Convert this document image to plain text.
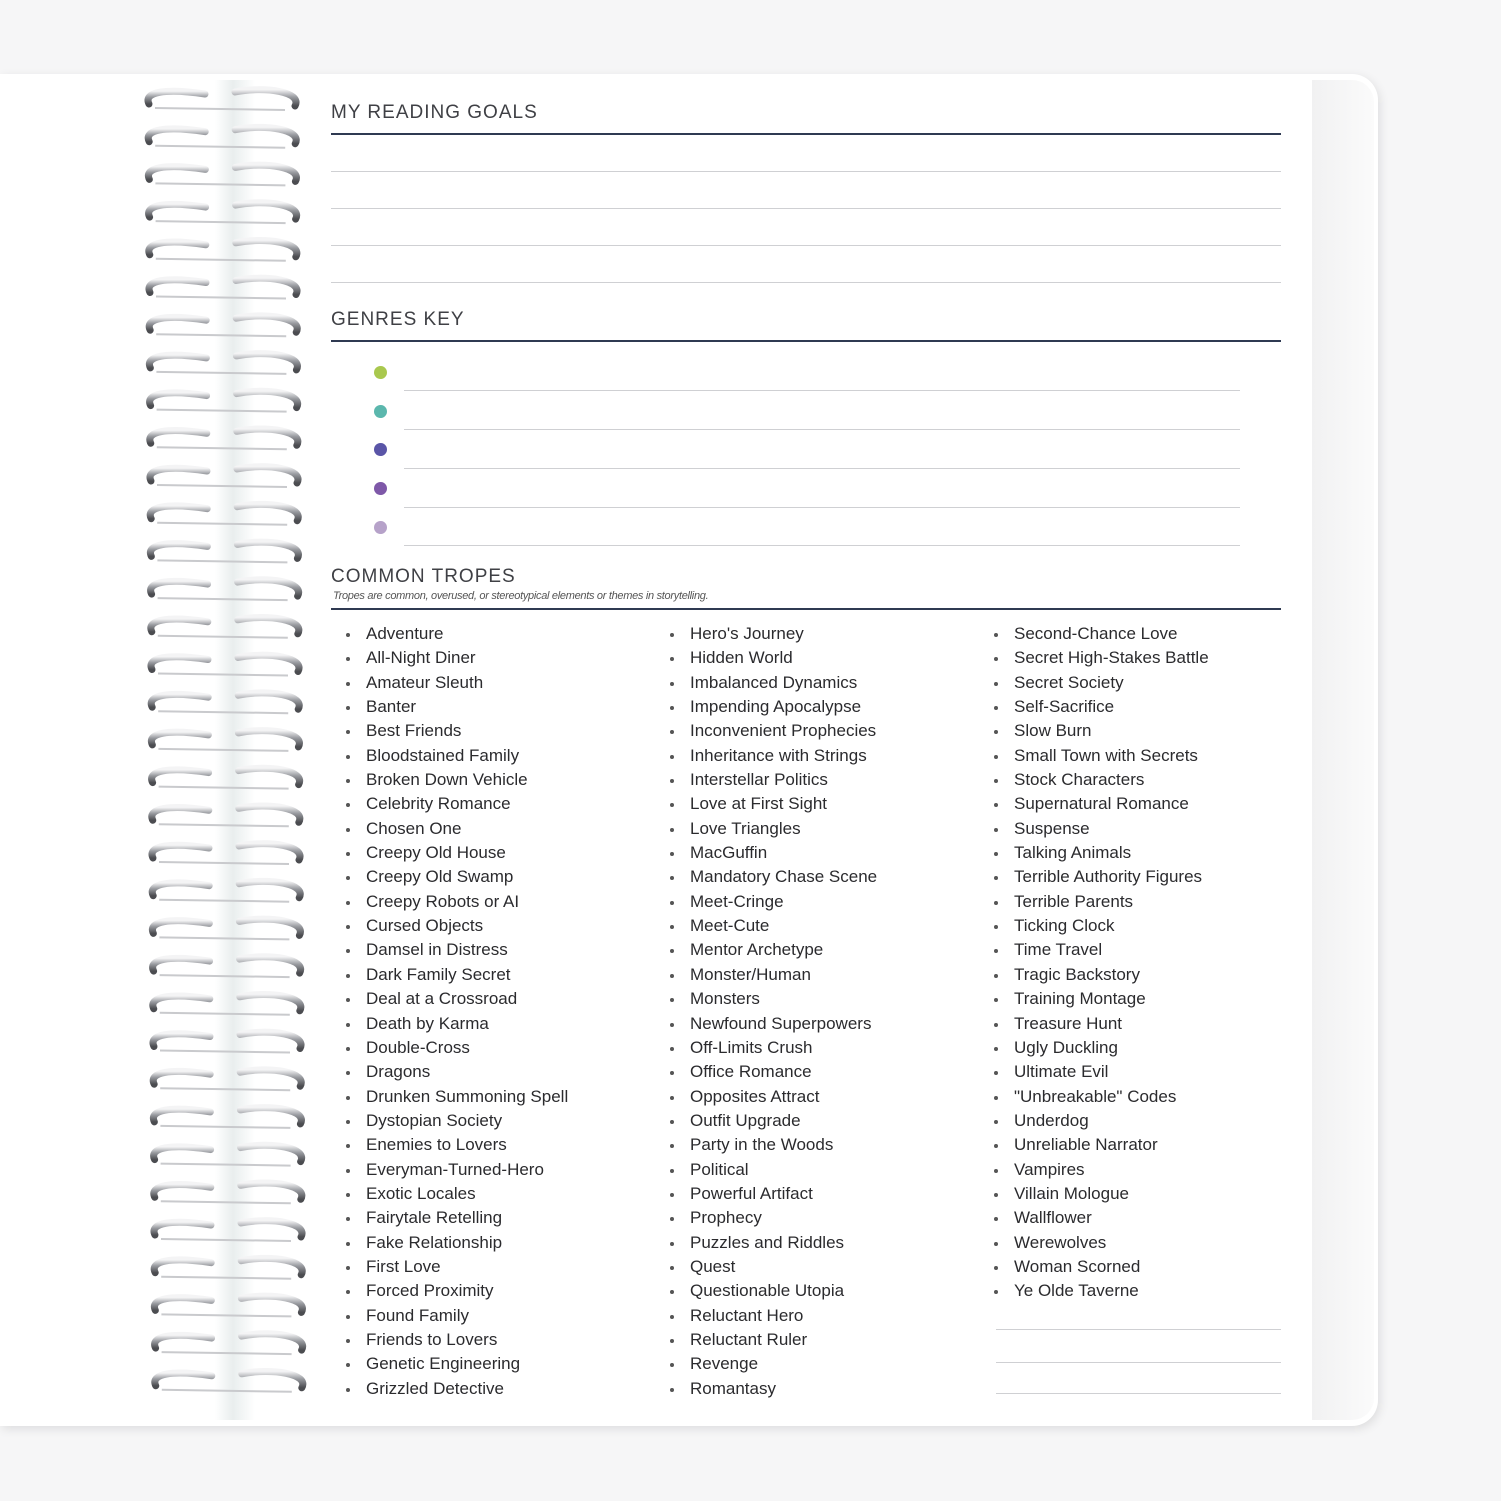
MY READING GOALS
GENRES KEY
COMMON TROPES

Tropes are common, overused, or stereotypical elements or themes in storytelling.

Adventure
All-Night Diner
Amateur Sleuth
Banter
Best Friends
Bloodstained Family
Broken Down Vehicle
Celebrity Romance
Chosen One
Creepy Old House
Creepy Old Swamp
Creepy Robots or AI
Cursed Objects
Damsel in Distress
Dark Family Secret
Deal at a Crossroad
Death by Karma
Double-Cross
Dragons
Drunken Summoning Spell
Dystopian Society
Enemies to Lovers
Everyman-Turned-Hero
Exotic Locales
Fairytale Retelling
Fake Relationship
First Love
Forced Proximity
Found Family
Friends to Lovers
Genetic Engineering
Grizzled Detective
Hero's Journey
Hidden World
Imbalanced Dynamics
Impending Apocalypse
Inconvenient Prophecies
Inheritance with Strings
Interstellar Politics
Love at First Sight
Love Triangles
MacGuffin
Mandatory Chase Scene
Meet-Cringe
Meet-Cute
Mentor Archetype
Monster/Human
Monsters
Newfound Superpowers
Off-Limits Crush
Office Romance
Opposites Attract
Outfit Upgrade
Party in the Woods
Political
Powerful Artifact
Prophecy
Puzzles and Riddles
Quest
Questionable Utopia
Reluctant Hero
Reluctant Ruler
Revenge
Romantasy
Second-Chance Love
Secret High-Stakes Battle
Secret Society
Self-Sacrifice
Slow Burn
Small Town with Secrets
Stock Characters
Supernatural Romance
Suspense
Talking Animals
Terrible Authority Figures
Terrible Parents
Ticking Clock
Time Travel
Tragic Backstory
Training Montage
Treasure Hunt
Ugly Duckling
Ultimate Evil
"Unbreakable" Codes
Underdog
Unreliable Narrator
Vampires
Villain Mologue
Wallflower
Werewolves
Woman Scorned
Ye Olde Taverne
